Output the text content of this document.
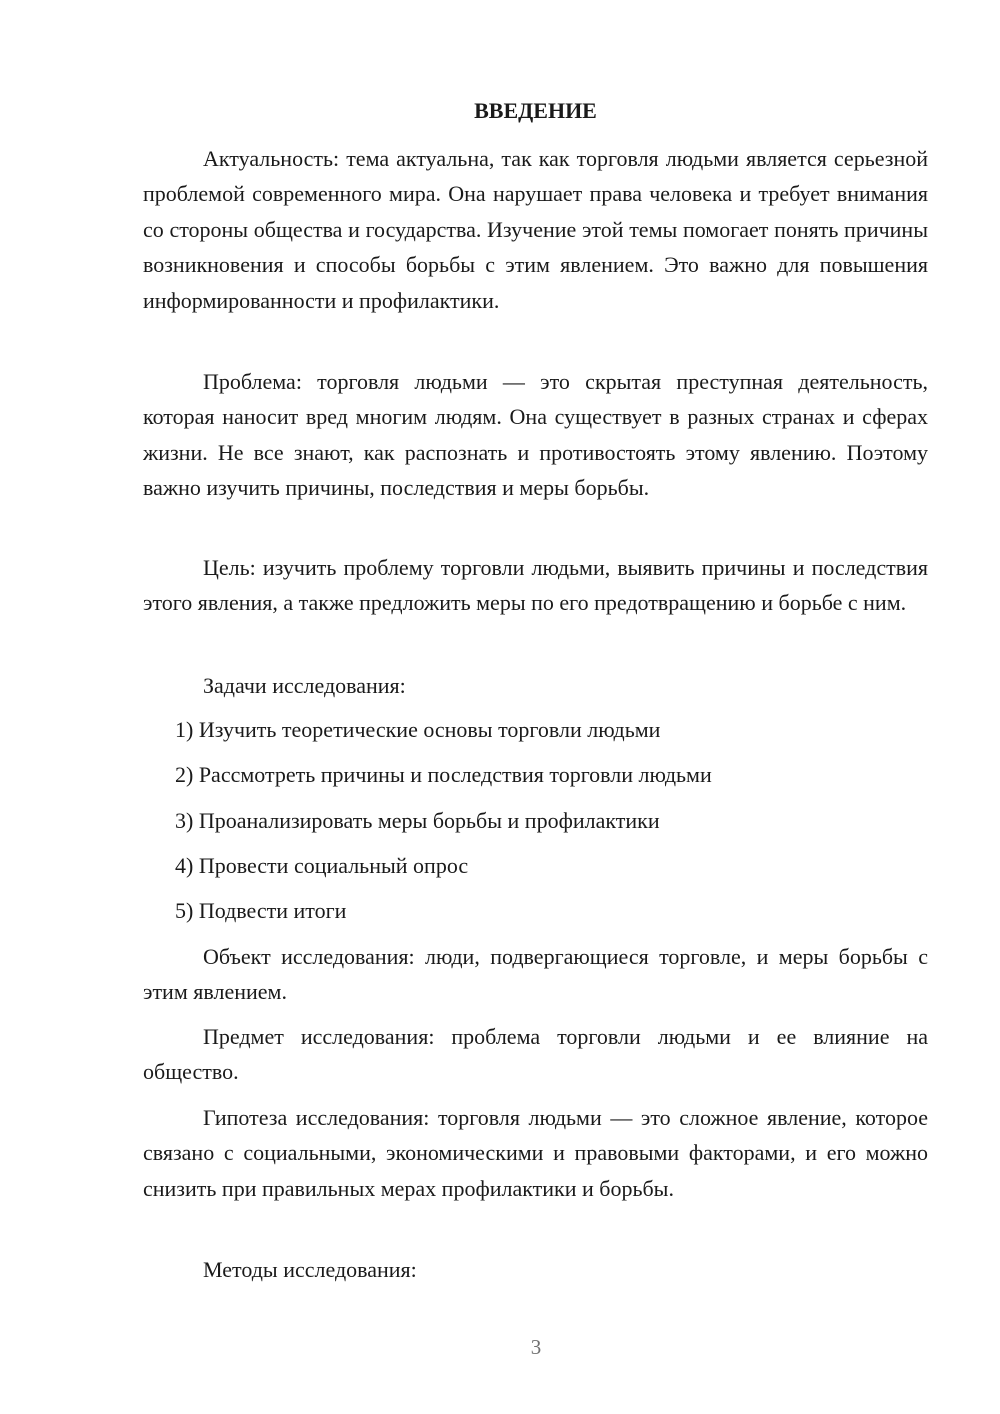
ВВЕДЕНИЕ

Актуальность: тема актуальна, так как торговля людьми является серьезной проблемой современного мира. Она нарушает права человека и требует внимания со стороны общества и государства. Изучение этой темы помогает понять причины возникновения и способы борьбы с этим явлением. Это важно для повышения информированности и профилактики.

Проблема: торговля людьми — это скрытая преступная деятельность, которая наносит вред многим людям. Она существует в разных странах и сферах жизни. Не все знают, как распознать и противостоять этому явлению. Поэтому важно изучить причины, последствия и меры борьбы.

Цель: изучить проблему торговли людьми, выявить причины и последствия этого явления, а также предложить меры по его предотвращению и борьбе с ним.

Задачи исследования:

1) Изучить теоретические основы торговли людьми
2) Рассмотреть причины и последствия торговли людьми
3) Проанализировать меры борьбы и профилактики
4) Провести социальный опрос
5) Подвести итоги

Объект исследования: люди, подвергающиеся торговле, и меры борьбы с этим явлением.

Предмет исследования: проблема торговли людьми и ее влияние на общество.

Гипотеза исследования: торговля людьми — это сложное явление, которое связано с социальными, экономическими и правовыми факторами, и его можно снизить при правильных мерах профилактики и борьбы.

Методы исследования:

3
